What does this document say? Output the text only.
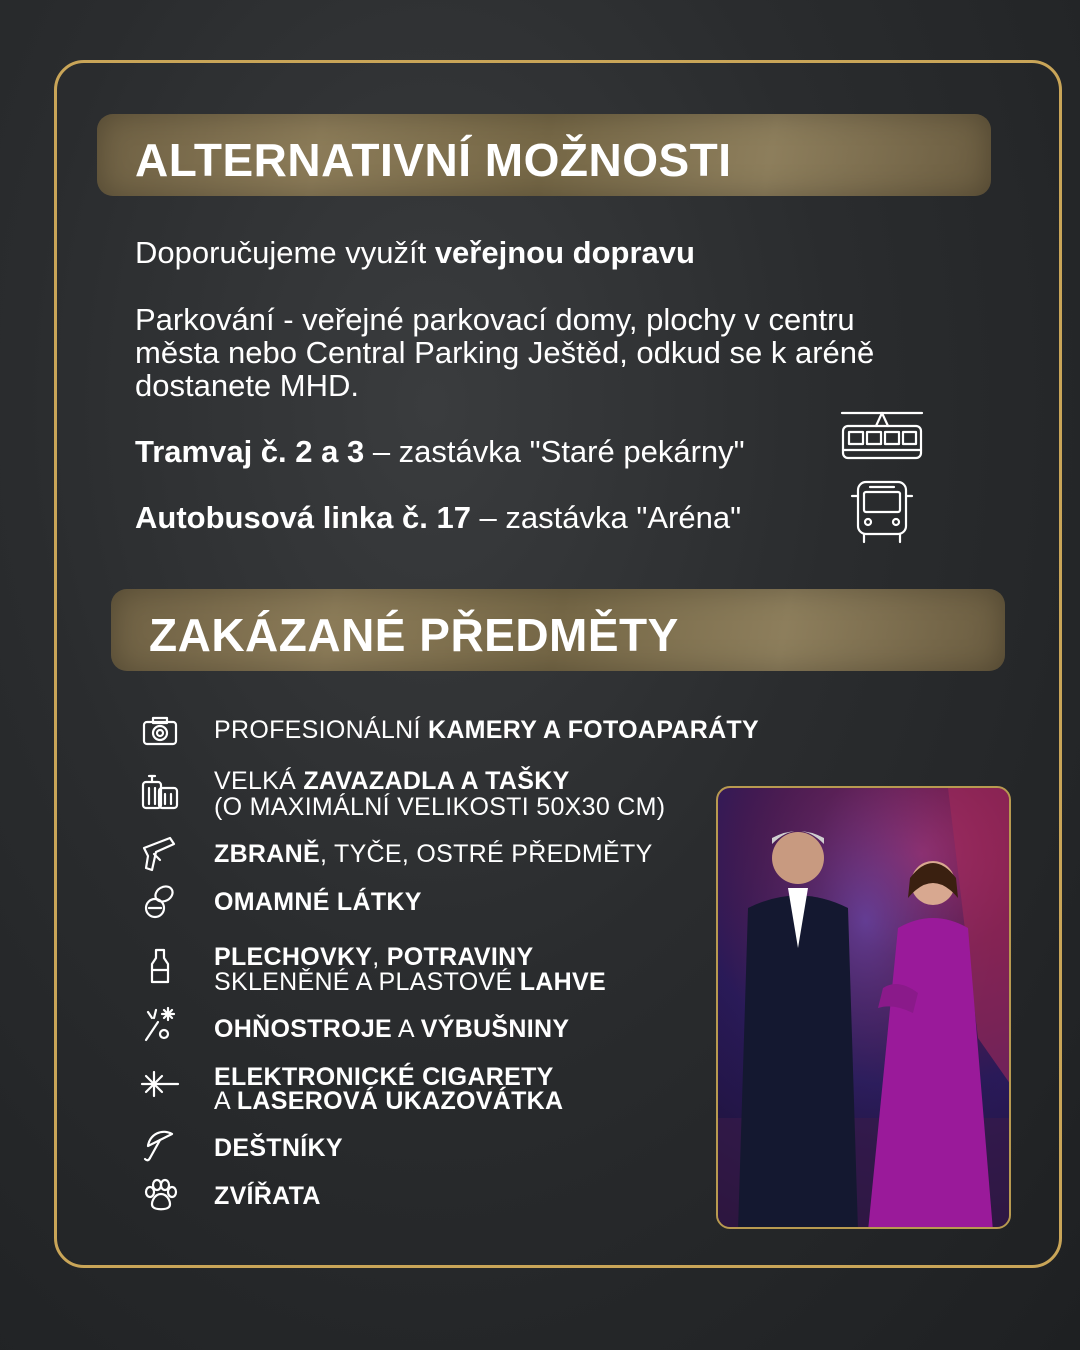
ALTERNATIVNÍ MOŽNOSTI
Doporučujeme využít veřejnou dopravu
Parkování - veřejné parkovací domy, plochy v centru
města nebo Central Parking Ještěd, odkud se k aréně
dostanete MHD.
Tramvaj č. 2 a 3 – zastávka "Staré pekárny"
Autobusová linka č. 17 – zastávka "Aréna"
ZAKÁZANÉ PŘEDMĚTY
PROFESIONÁLNÍ KAMERY A FOTOAPARÁTY
VELKÁ ZAVAZADLA A TAŠKY
(O MAXIMÁLNÍ VELIKOSTI 50X30 CM)
ZBRANĚ, TYČE, OSTRÉ PŘEDMĚTY
OMAMNÉ LÁTKY
PLECHOVKY, POTRAVINY
SKLENĚNÉ A PLASTOVÉ LAHVE
OHŇOSTROJE A VÝBUŠNINY
ELEKTRONICKÉ CIGARETY
A LASEROVÁ UKAZOVÁTKA
DEŠTNÍKY
ZVÍŘATA
